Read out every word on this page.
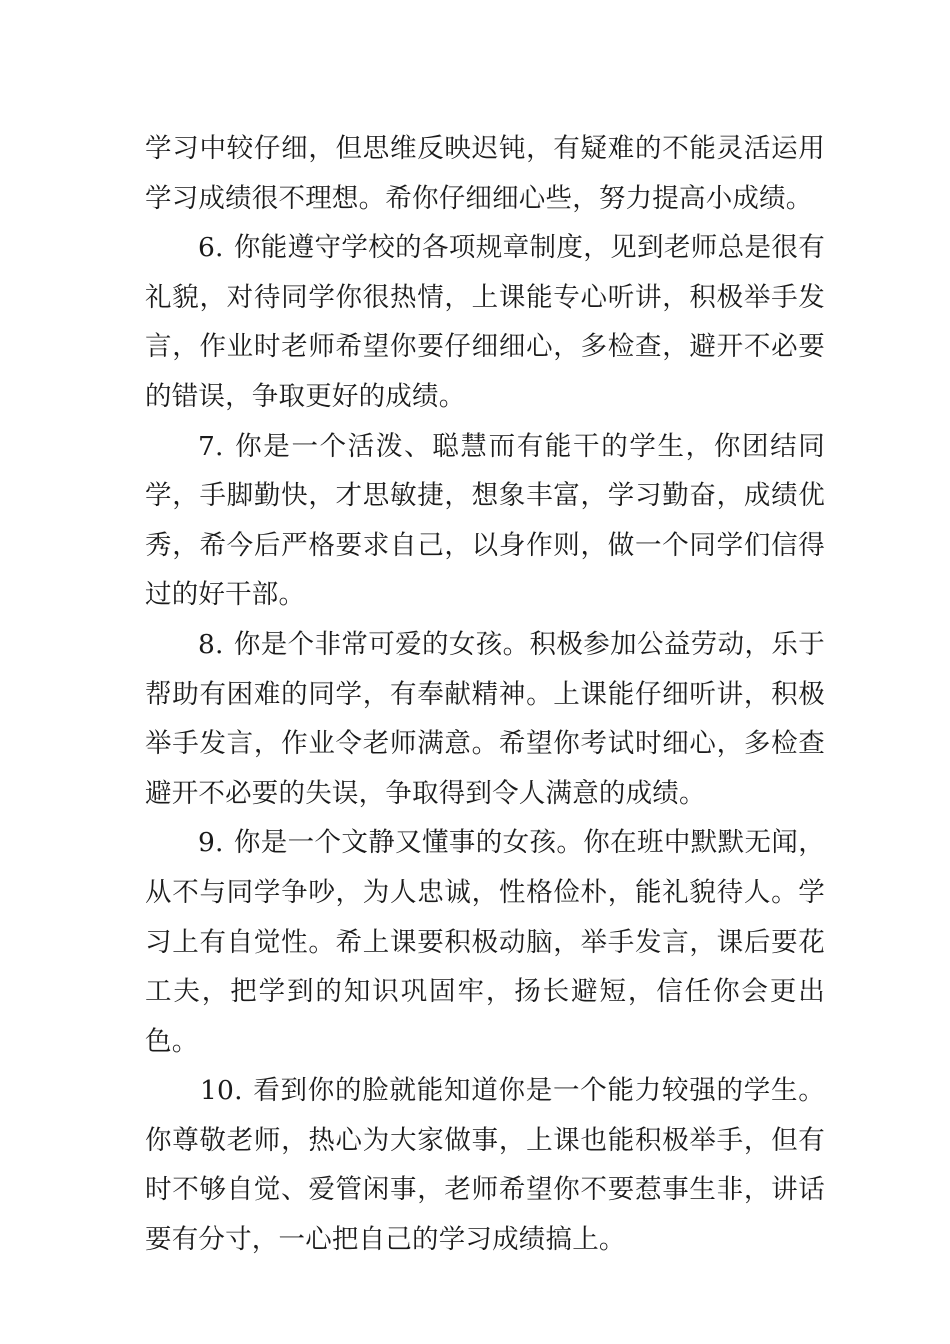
学习中较仔细，但思维反映迟钝，有疑难的不能灵活运用学习成绩很不理想。希你仔细细心些，努力提高小成绩。

6. 你能遵守学校的各项规章制度，见到老师总是很有礼貌，对待同学你很热情，上课能专心听讲，积极举手发言，作业时老师希望你要仔细细心，多检查，避开不必要的错误，争取更好的成绩。

7. 你是一个活泼、聪慧而有能干的学生，你团结同学，手脚勤快，才思敏捷，想象丰富，学习勤奋，成绩优秀，希今后严格要求自己，以身作则，做一个同学们信得过的好干部。

8. 你是个非常可爱的女孩。积极参加公益劳动，乐于帮助有困难的同学，有奉献精神。上课能仔细听讲，积极举手发言，作业令老师满意。希望你考试时细心，多检查避开不必要的失误，争取得到令人满意的成绩。

9. 你是一个文静又懂事的女孩。你在班中默默无闻，从不与同学争吵，为人忠诚，性格俭朴，能礼貌待人。学习上有自觉性。希上课要积极动脑，举手发言，课后要花工夫，把学到的知识巩固牢，扬长避短，信任你会更出色。

10. 看到你的脸就能知道你是一个能力较强的学生。你尊敬老师，热心为大家做事，上课也能积极举手，但有时不够自觉、爱管闲事，老师希望你不要惹事生非，讲话要有分寸，一心把自己的学习成绩搞上。
